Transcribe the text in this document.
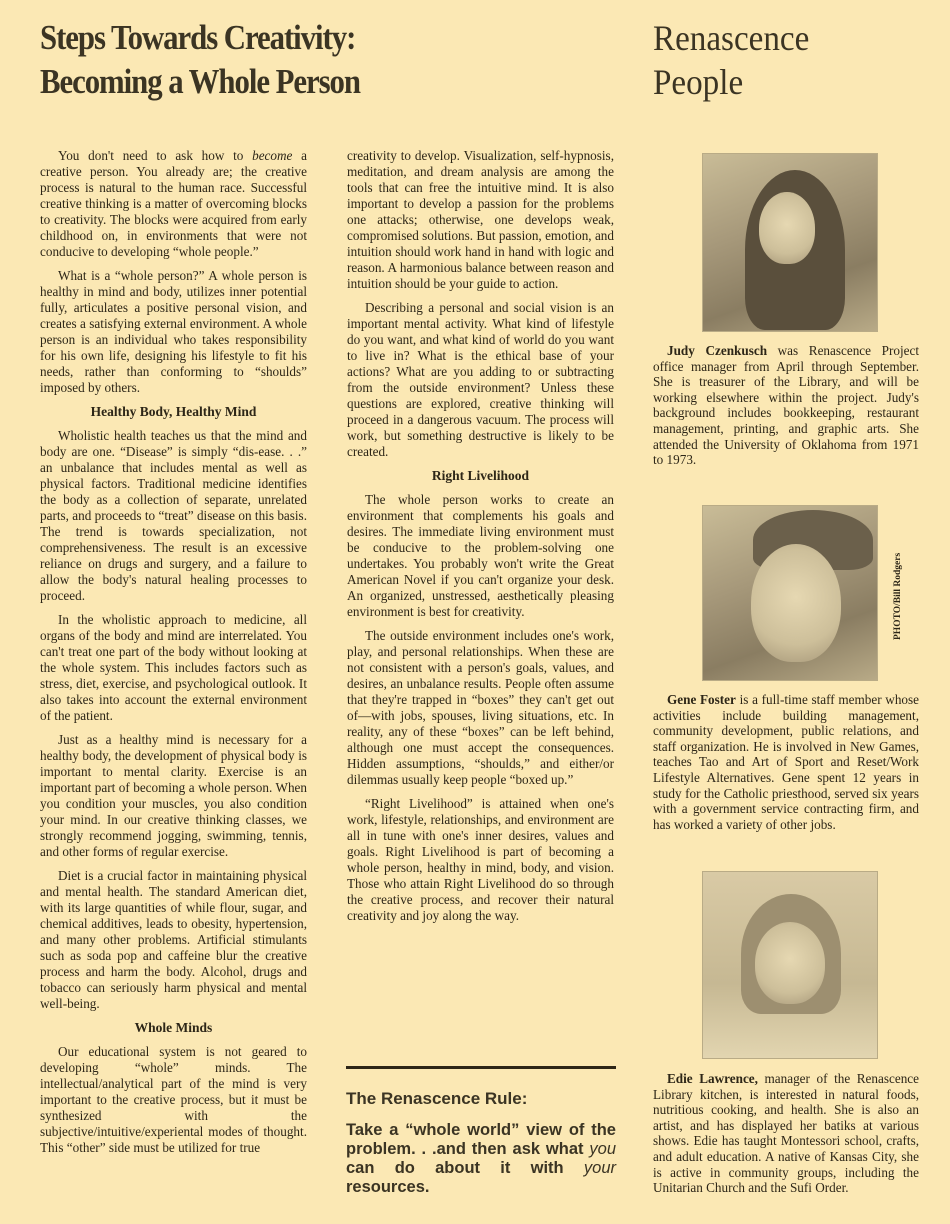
Steps Towards Creativity:
Becoming a Whole Person
Renascence
People

You don't need to ask how to become a creative person. You already are; the creative process is natural to the human race. Successful creative thinking is a matter of overcoming blocks to creativity. The blocks were acquired from early childhood on, in environments that were not conducive to developing “whole people.”

What is a “whole person?” A whole person is healthy in mind and body, utilizes inner potential fully, articulates a positive personal vision, and creates a satisfying external environment. A whole person is an individual who takes responsibility for his own life, designing his lifestyle to fit his needs, rather than conforming to “shoulds” imposed by others.

Healthy Body, Healthy Mind

Wholistic health teaches us that the mind and body are one. “Disease” is simply “dis-ease. . .” an unbalance that includes mental as well as physical factors. Traditional medicine identifies the body as a collection of separate, unrelated parts, and proceeds to “treat” disease on this basis. The trend is towards specialization, not comprehensiveness. The result is an excessive reliance on drugs and surgery, and a failure to allow the body's natural healing processes to proceed.

In the wholistic approach to medicine, all organs of the body and mind are interrelated. You can't treat one part of the body without looking at the whole system. This includes factors such as stress, diet, exercise, and psychological outlook. It also takes into account the external environment of the patient.

Just as a healthy mind is necessary for a healthy body, the development of physical body is important to mental clarity. Exercise is an important part of becoming a whole person. When you condition your muscles, you also condition your mind. In our creative thinking classes, we strongly recommend jogging, swimming, tennis, and other forms of regular exercise.

Diet is a crucial factor in maintaining physical and mental health. The standard American diet, with its large quantities of while flour, sugar, and chemical additives, leads to obesity, hypertension, and many other problems. Artificial stimulants such as soda pop and caffeine blur the creative process and harm the body. Alcohol, drugs and tobacco can seriously harm physical and mental well-being.

Whole Minds

Our educational system is not geared to developing “whole” minds. The intellectual/analytical part of the mind is very important to the creative process, but it must be synthesized with the subjective/intuitive/experiental modes of thought. This “other” side must be utilized for true

creativity to develop. Visualization, self-hypnosis, meditation, and dream analysis are among the tools that can free the intuitive mind. It is also important to develop a passion for the problems one attacks; otherwise, one develops weak, compromised solutions. But passion, emotion, and intuition should work hand in hand with logic and reason. A harmonious balance between reason and intuition should be your guide to action.

Describing a personal and social vision is an important mental activity. What kind of lifestyle do you want, and what kind of world do you want to live in? What is the ethical base of your actions? What are you adding to or subtracting from the outside environment? Unless these questions are explored, creative thinking will proceed in a dangerous vacuum. The process will work, but something destructive is likely to be created.

Right Livelihood

The whole person works to create an environment that complements his goals and desires. The immediate living environment must be conducive to the problem-solving one undertakes. You probably won't write the Great American Novel if you can't organize your desk. An organized, unstressed, aesthetically pleasing environment is best for creativity.

The outside environment includes one's work, play, and personal relationships. When these are not consistent with a person's goals, values, and desires, an unbalance results. People often assume that they're trapped in “boxes” they can't get out of—with jobs, spouses, living situations, etc. In reality, any of these “boxes” can be left behind, although one must accept the consequences. Hidden assumptions, “shoulds,” and either/or dilemmas usually keep people “boxed up.”

“Right Livelihood” is attained when one's work, lifestyle, relationships, and environment are all in tune with one's inner desires, values and goals. Right Livelihood is part of becoming a whole person, healthy in mind, body, and vision. Those who attain Right Livelihood do so through the creative process, and recover their natural creativity and joy along the way.

The Renascence Rule:
Take a “whole world” view of the problem. . .and then ask what you can do about it with your resources.
PHOTO/Bill Rodgers
Judy Czenkusch was Renascence Project office manager from April through September. She is treasurer of the Library, and will be working elsewhere within the project. Judy's background includes bookkeeping, restaurant management, printing, and graphic arts. She attended the University of Oklahoma from 1971 to 1973.
Gene Foster is a full-time staff member whose activities include building management, community development, public relations, and staff organization. He is involved in New Games, teaches Tao and Art of Sport and Reset/Work Lifestyle Alternatives. Gene spent 12 years in study for the Catholic priesthood, served six years with a government service contracting firm, and has worked a variety of other jobs.
Edie Lawrence, manager of the Renascence Library kitchen, is interested in natural foods, nutritious cooking, and health. She is also an artist, and has displayed her batiks at various shows. Edie has taught Montessori school, crafts, and adult education. A native of Kansas City, she is active in community groups, including the Unitarian Church and the Sufi Order.
